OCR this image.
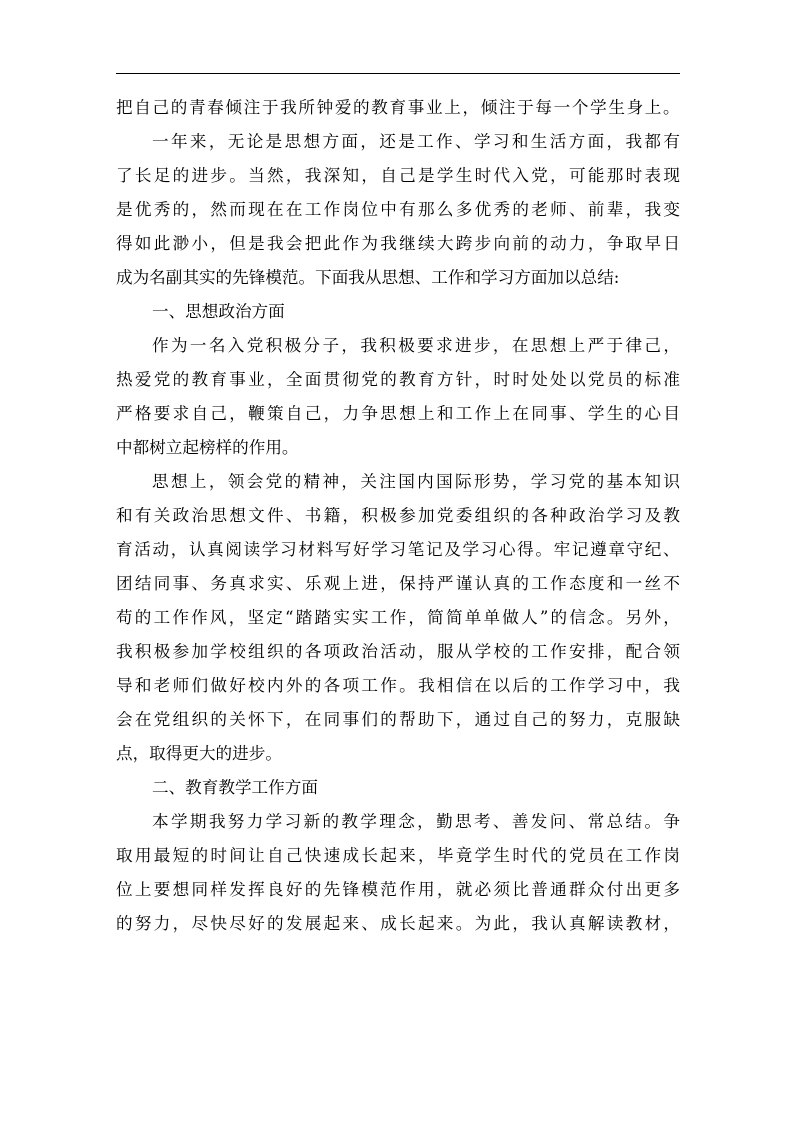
把 自 己 的 青 春 倾 注 于 我 所 钟 爱 的 教 育 事 业 上 ， 倾 注 于 每 一 个 学 生 身 上 。
一 年 来 ， 无 论 是 思 想 方 面 ， 还 是 工 作 、 学 习 和 生 活 方 面 ， 我 都 有
了 长 足 的 进 步 。 当 然 ， 我 深 知 ， 自 己 是 学 生 时 代 入 党 ， 可 能 那 时 表 现
是 优 秀 的 ， 然 而 现 在 在 工 作 岗 位 中 有 那 么 多 优 秀 的 老 师 、 前 辈 ， 我 变
得 如 此 渺 小 ， 但 是 我 会 把 此 作 为 我 继 续 大 跨 步 向 前 的 动 力 ， 争 取 早 日
成为名副其实的先锋模范。下面我从思想、工作和学习方面加以总结:
一、思想政治方面
作 为 一 名 入 党 积 极 分 子 ， 我 积 极 要 求 进 步 ， 在 思 想 上 严 于 律 己 ，
热 爱 党 的 教 育 事 业 ， 全 面 贯 彻 党 的 教 育 方 针 ， 时 时 处 处 以 党 员 的 标 准
严 格 要 求 自 己 ， 鞭 策 自 己 ， 力 争 思 想 上 和 工 作 上 在 同 事 、 学 生 的 心 目
中都树立起榜样的作用。
思 想 上 ， 领 会 党 的 精 神 ， 关 注 国 内 国 际 形 势 ， 学 习 党 的 基 本 知 识
和 有 关 政 治 思 想 文 件 、 书 籍 ， 积 极 参 加 党 委 组 织 的 各 种 政 治 学 习 及 教
育 活 动 ， 认 真 阅 读 学 习 材 料 写 好 学 习 笔 记 及 学 习 心 得 。 牢 记 遵 章 守 纪 、
团 结 同 事 、 务 真 求 实 、 乐 观 上 进 ， 保 持 严 谨 认 真 的 工 作 态 度 和 一 丝 不
苟 的 工 作 作 风 ， 坚 定 “ 踏 踏 实 实 工 作 ， 简 简 单 单 做 人 ” 的 信 念 。 另 外 ，
我 积 极 参 加 学 校 组 织 的 各 项 政 治 活 动 ， 服 从 学 校 的 工 作 安 排 ， 配 合 领
导 和 老 师 们 做 好 校 内 外 的 各 项 工 作 。 我 相 信 在 以 后 的 工 作 学 习 中 ， 我
会 在 党 组 织 的 关 怀 下 ， 在 同 事 们 的 帮 助 下 ， 通 过 自 己 的 努 力 ， 克 服 缺
点，取得更大的进步。
二、教育教学工作方面
本 学 期 我 努 力 学 习 新 的 教 学 理 念 ， 勤 思 考 、 善 发 问 、 常 总 结 。 争
取 用 最 短 的 时 间 让 自 己 快 速 成 长 起 来 ， 毕 竟 学 生 时 代 的 党 员 在 工 作 岗
位 上 要 想 同 样 发 挥 良 好 的 先 锋 模 范 作 用 ， 就 必 须 比 普 通 群 众 付 出 更 多
的 努 力 ， 尽 快 尽 好 的 发 展 起 来 、 成 长 起 来 。 为 此 ， 我 认 真 解 读 教 材 ，
